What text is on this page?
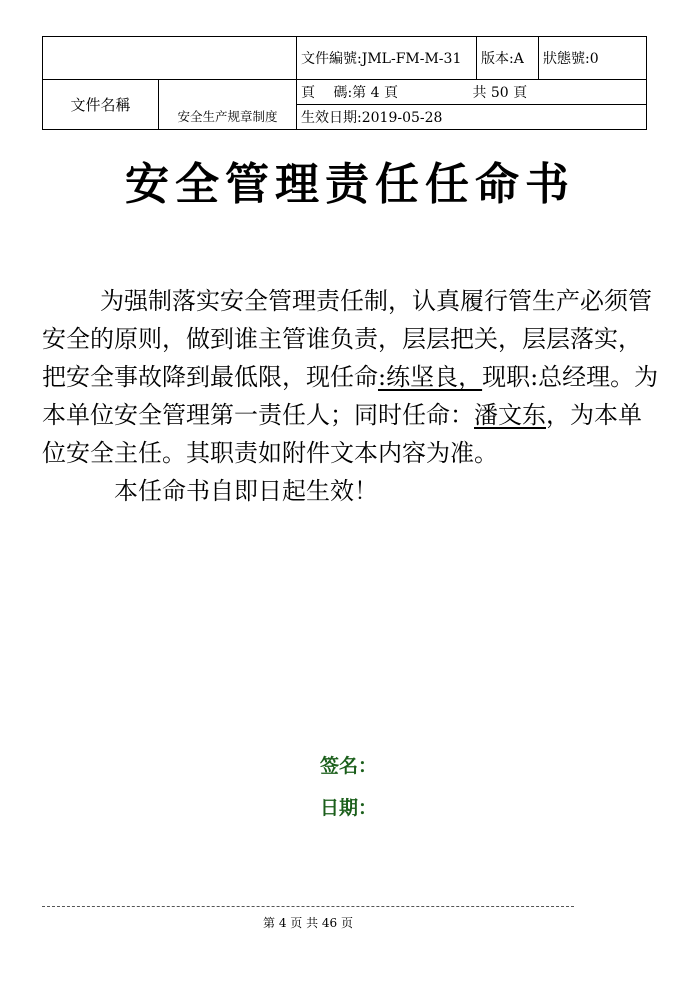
		文件編號:JML-FM-M-31	版本:A	狀態號:0
文件名稱	安全生产规章制度	頁　 碼:第 4 頁 共 50 頁		
		生效日期:2019-05-28		
安全管理责任任命书

为强制落实安全管理责任制，认真履行管生产必须管安全的原则，做到谁主管谁负责，层层把关，层层落实，把安全事故降到最低限，现任命:练坚良，现职:总经理。为本单位安全管理第一责任人；同时任命：潘文东，为本单位安全主任。其职责如附件文本内容为准。

本任命书自即日起生效！

签名：
日期：
第 4 页 共 46 页
